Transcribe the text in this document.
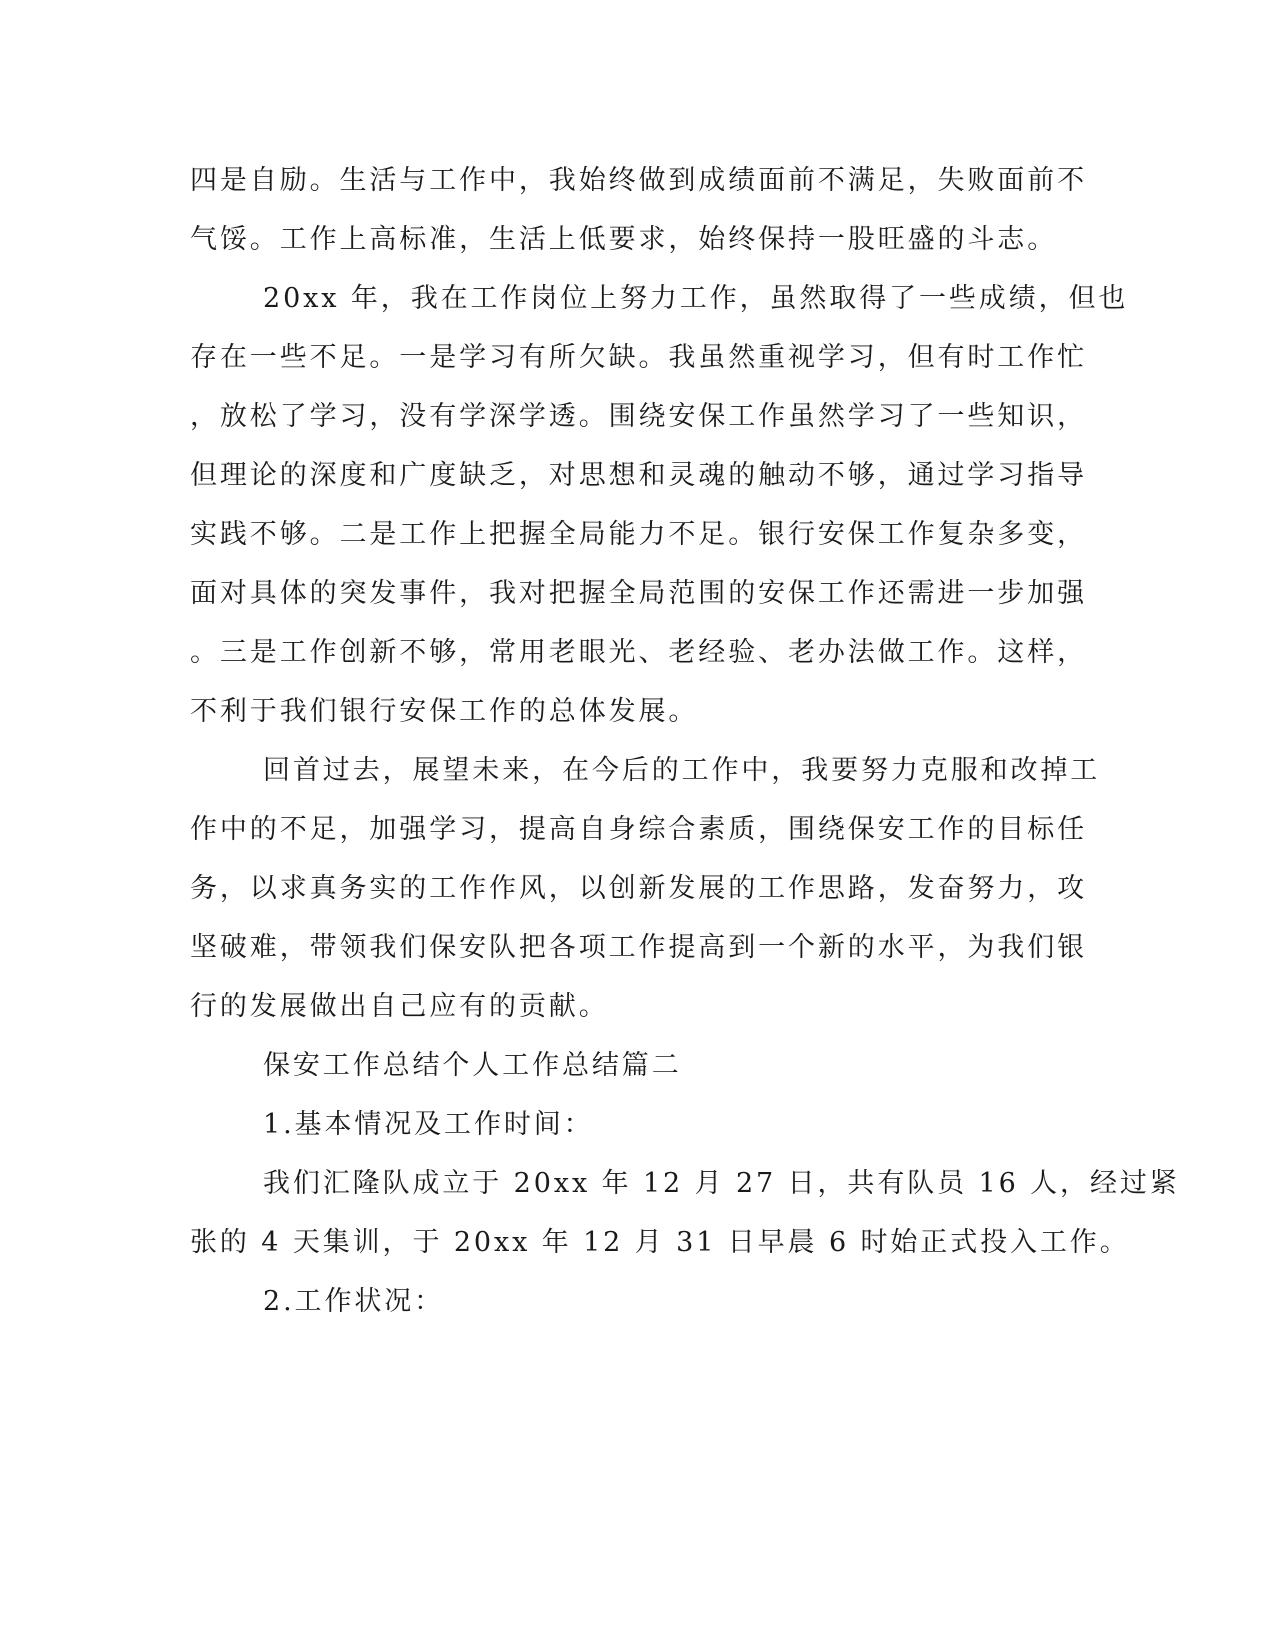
四是自励。生活与工作中，我始终做到成绩面前不满足，失败面前不
气馁。工作上高标准，生活上低要求，始终保持一股旺盛的斗志。
20xx 年，我在工作岗位上努力工作，虽然取得了一些成绩，但也
存在一些不足。一是学习有所欠缺。我虽然重视学习，但有时工作忙
，放松了学习，没有学深学透。围绕安保工作虽然学习了一些知识，
但理论的深度和广度缺乏，对思想和灵魂的触动不够，通过学习指导
实践不够。二是工作上把握全局能力不足。银行安保工作复杂多变，
面对具体的突发事件，我对把握全局范围的安保工作还需进一步加强
。三是工作创新不够，常用老眼光、老经验、老办法做工作。这样，
不利于我们银行安保工作的总体发展。
回首过去，展望未来，在今后的工作中，我要努力克服和改掉工
作中的不足，加强学习，提高自身综合素质，围绕保安工作的目标任
务，以求真务实的工作作风，以创新发展的工作思路，发奋努力，攻
坚破难，带领我们保安队把各项工作提高到一个新的水平，为我们银
行的发展做出自己应有的贡献。
保安工作总结个人工作总结篇二
1.基本情况及工作时间：
我们汇隆队成立于 20xx 年 12 月 27 日，共有队员 16 人，经过紧
张的 4 天集训，于 20xx 年 12 月 31 日早晨 6 时始正式投入工作。
2.工作状况：
